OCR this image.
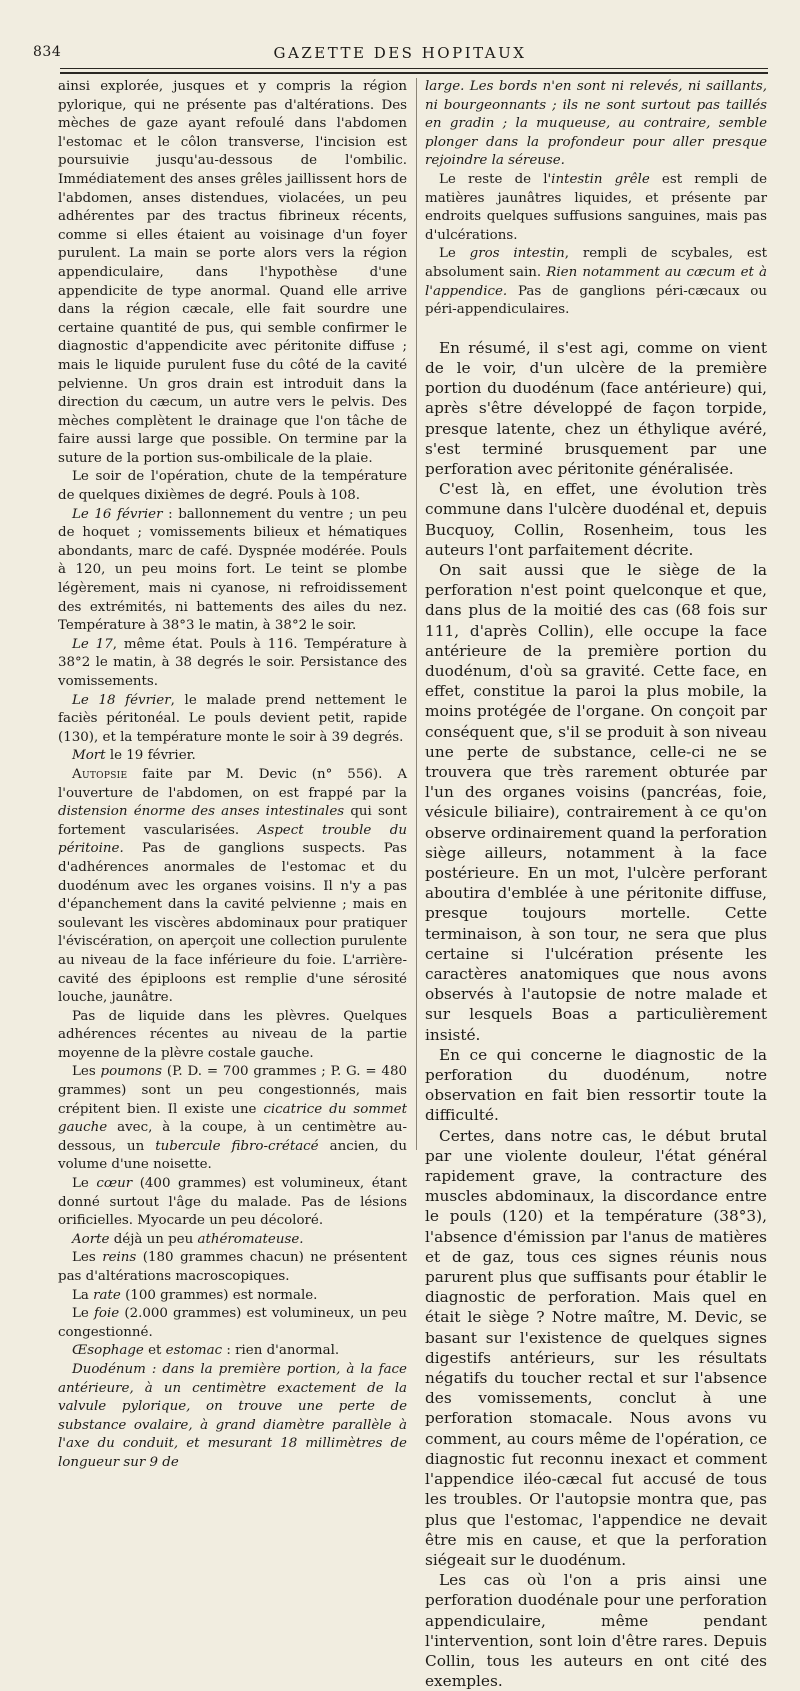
834	GAZETTE DES HOPITAUX

ainsi explorée, jusques et y compris la région pylorique, qui ne présente pas d'altérations. Des mèches de gaze ayant refoulé dans l'abdomen l'estomac et le côlon transverse, l'incision est poursuivie jusqu'au-dessous de l'ombilic. Immédiatement des anses grêles jaillissent hors de l'abdomen, anses distendues, violacées, un peu adhérentes par des tractus fibrineux récents, comme si elles étaient au voisinage d'un foyer purulent. La main se porte alors vers la région appendiculaire, dans l'hypothèse d'une appendicite de type anormal. Quand elle arrive dans la région cæcale, elle fait sourdre une certaine quantité de pus, qui semble confirmer le diagnostic d'appendicite avec péritonite diffuse ; mais le liquide purulent fuse du côté de la cavité pelvienne. Un gros drain est introduit dans la direction du cæcum, un autre vers le pelvis. Des mèches complètent le drainage que l'on tâche de faire aussi large que possible. On termine par la suture de la portion sus-ombilicale de la plaie.

Le soir de l'opération, chute de la température de quelques dixièmes de degré. Pouls à 108.

Le 16 février : ballonnement du ventre ; un peu de hoquet ; vomissements bilieux et hématiques abondants, marc de café. Dyspnée modérée. Pouls à 120, un peu moins fort. Le teint se plombe légèrement, mais ni cyanose, ni refroidissement des extrémités, ni battements des ailes du nez. Température à 38°3 le matin, à 38°2 le soir.

Le 17, même état. Pouls à 116. Température à 38°2 le matin, à 38 degrés le soir. Persistance des vomissements.

Le 18 février, le malade prend nettement le faciès péritonéal. Le pouls devient petit, rapide (130), et la température monte le soir à 39 degrés.

Mort le 19 février.

Autopsie faite par M. Devic (n° 556). A l'ouverture de l'abdomen, on est frappé par la distension énorme des anses intestinales qui sont fortement vascularisées. Aspect trouble du péritoine. Pas de ganglions suspects. Pas d'adhérences anormales de l'estomac et du duodénum avec les organes voisins. Il n'y a pas d'épanchement dans la cavité pelvienne ; mais en soulevant les viscères abdominaux pour pratiquer l'éviscération, on aperçoit une collection purulente au niveau de la face inférieure du foie. L'arrière-cavité des épiploons est remplie d'une sérosité louche, jaunâtre.

Pas de liquide dans les plèvres. Quelques adhérences récentes au niveau de la partie moyenne de la plèvre costale gauche.

Les poumons (P. D. = 700 grammes ; P. G. = 480 grammes) sont un peu congestionnés, mais crépitent bien. Il existe une cicatrice du sommet gauche avec, à la coupe, à un centimètre au-dessous, un tubercule fibro-crétacé ancien, du volume d'une noisette.

Le cœur (400 grammes) est volumineux, étant donné surtout l'âge du malade. Pas de lésions orificielles. Myocarde un peu décoloré.

Aorte déjà un peu athéromateuse.

Les reins (180 grammes chacun) ne présentent pas d'altérations macroscopiques.

La rate (100 grammes) est normale.

Le foie (2.000 grammes) est volumineux, un peu congestionné.

Œsophage et estomac : rien d'anormal.

Duodénum : dans la première portion, à la face antérieure, à un centimètre exactement de la valvule pylorique, on trouve une perte de substance ovalaire, à grand diamètre parallèle à l'axe du conduit, et mesurant 18 millimètres de longueur sur 9 de

large. Les bords n'en sont ni relevés, ni saillants, ni bourgeonnants ; ils ne sont surtout pas taillés en gradin ; la muqueuse, au contraire, semble plonger dans la profondeur pour aller presque rejoindre la séreuse.

Le reste de l'intestin grêle est rempli de matières jaunâtres liquides, et présente par endroits quelques suffusions sanguines, mais pas d'ulcérations.

Le gros intestin, rempli de scybales, est absolument sain. Rien notamment au cæcum et à l'appendice. Pas de ganglions péri-cæcaux ou péri-appendiculaires.

En résumé, il s'est agi, comme on vient de le voir, d'un ulcère de la première portion du duodénum (face antérieure) qui, après s'être développé de façon torpide, presque latente, chez un éthylique avéré, s'est terminé brusquement par une perforation avec péritonite généralisée.

C'est là, en effet, une évolution très commune dans l'ulcère duodénal et, depuis Bucquoy, Collin, Rosenheim, tous les auteurs l'ont parfaitement décrite.

On sait aussi que le siège de la perforation n'est point quelconque et que, dans plus de la moitié des cas (68 fois sur 111, d'après Collin), elle occupe la face antérieure de la première portion du duodénum, d'où sa gravité. Cette face, en effet, constitue la paroi la plus mobile, la moins protégée de l'organe. On conçoit par conséquent que, s'il se produit à son niveau une perte de substance, celle-ci ne se trouvera que très rarement obturée par l'un des organes voisins (pancréas, foie, vésicule biliaire), contrairement à ce qu'on observe ordinairement quand la perforation siège ailleurs, notamment à la face postérieure. En un mot, l'ulcère perforant aboutira d'emblée à une péritonite diffuse, presque toujours mortelle. Cette terminaison, à son tour, ne sera que plus certaine si l'ulcération présente les caractères anatomiques que nous avons observés à l'autopsie de notre malade et sur lesquels Boas a particulièrement insisté.

En ce qui concerne le diagnostic de la perforation du duodénum, notre observation en fait bien ressortir toute la difficulté.

Certes, dans notre cas, le début brutal par une violente douleur, l'état général rapidement grave, la contracture des muscles abdominaux, la discordance entre le pouls (120) et la température (38°3), l'absence d'émission par l'anus de matières et de gaz, tous ces signes réunis nous parurent plus que suffisants pour établir le diagnostic de perforation. Mais quel en était le siège ? Notre maître, M. Devic, se basant sur l'existence de quelques signes digestifs antérieurs, sur les résultats négatifs du toucher rectal et sur l'absence des vomissements, conclut à une perforation stomacale. Nous avons vu comment, au cours même de l'opération, ce diagnostic fut reconnu inexact et comment l'appendice iléo-cæcal fut accusé de tous les troubles. Or l'autopsie montra que, pas plus que l'estomac, l'appendice ne devait être mis en cause, et que la perforation siégeait sur le duodénum.

Les cas où l'on a pris ainsi une perforation duodénale pour une perforation appendiculaire, même pendant l'intervention, sont loin d'être rares. Depuis Collin, tous les auteurs en ont cité des exemples.
